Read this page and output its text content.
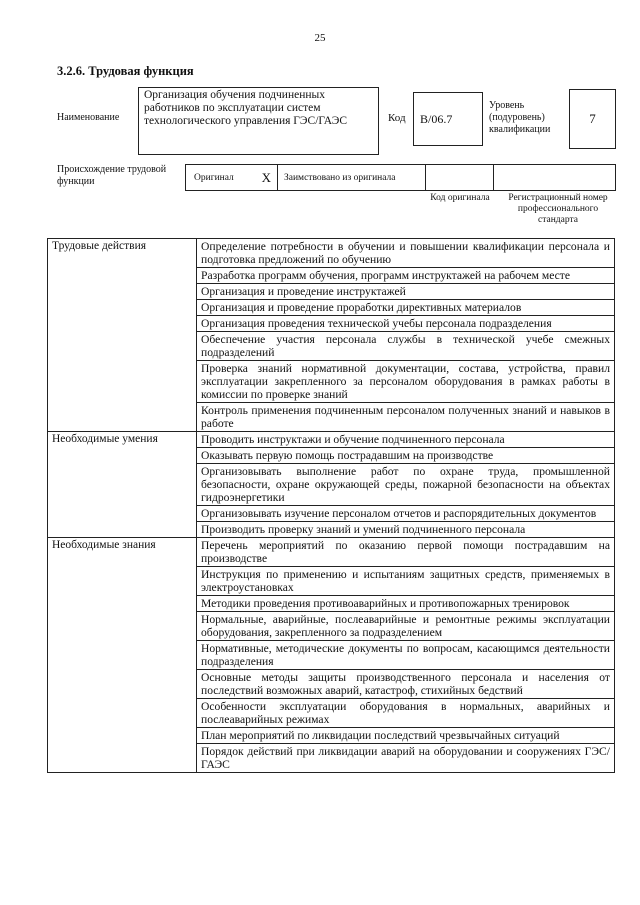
25
3.2.6. Трудовая функция
Наименование
Организация обучения подчиненных работников по эксплуатации систем технологического управления ГЭС/ГАЭС	Код В/06.7
Уровень (подуровень) квалификации
7
Происхождение трудовой функции	Оригинал Х Заимствовано из оригинала
Код оригинала	Регистрационный номер профессионального стандарта
Трудовые действия	Определение потребности в обучении и повышении квалификации персонала и подготовка предложений по обучению
	Разработка программ обучения, программ инструктажей на рабочем месте
	Организация и проведение инструктажей
	Организация и проведение проработки директивных материалов
	Организация проведения технической учебы персонала подразделения
	Обеспечение участия персонала службы в технической учебе смежных подразделений
	Проверка знаний нормативной документации, состава, устройства, правил эксплуатации закрепленного за персоналом оборудования в рамках работы в комиссии по проверке знаний
	Контроль применения подчиненным персоналом полученных знаний и навыков в работе
Необходимые умения	Проводить инструктажи и обучение подчиненного персонала
	Оказывать первую помощь пострадавшим на производстве
	Организовывать выполнение работ по охране труда, промышленной безопасности, охране окружающей среды, пожарной безопасности на объектах гидроэнергетики
	Организовывать изучение персоналом отчетов и распорядительных документов
	Производить проверку знаний и умений подчиненного персонала
Необходимые знания	Перечень мероприятий по оказанию первой помощи пострадавшим на производстве
	Инструкция по применению и испытаниям защитных средств, применяемых в электроустановках
	Методики проведения противоаварийных и противопожарных тренировок
	Нормальные, аварийные, послеаварийные и ремонтные режимы эксплуатации оборудования, закрепленного за подразделением
	Нормативные, методические документы по вопросам, касающимся деятельности подразделения
	Основные методы защиты производственного персонала и населения от последствий возможных аварий, катастроф, стихийных бедствий
	Особенности эксплуатации оборудования в нормальных, аварийных и послеаварийных режимах
	План мероприятий по ликвидации последствий чрезвычайных ситуаций
	Порядок действий при ликвидации аварий на оборудовании и сооружениях ГЭС/ГАЭС
